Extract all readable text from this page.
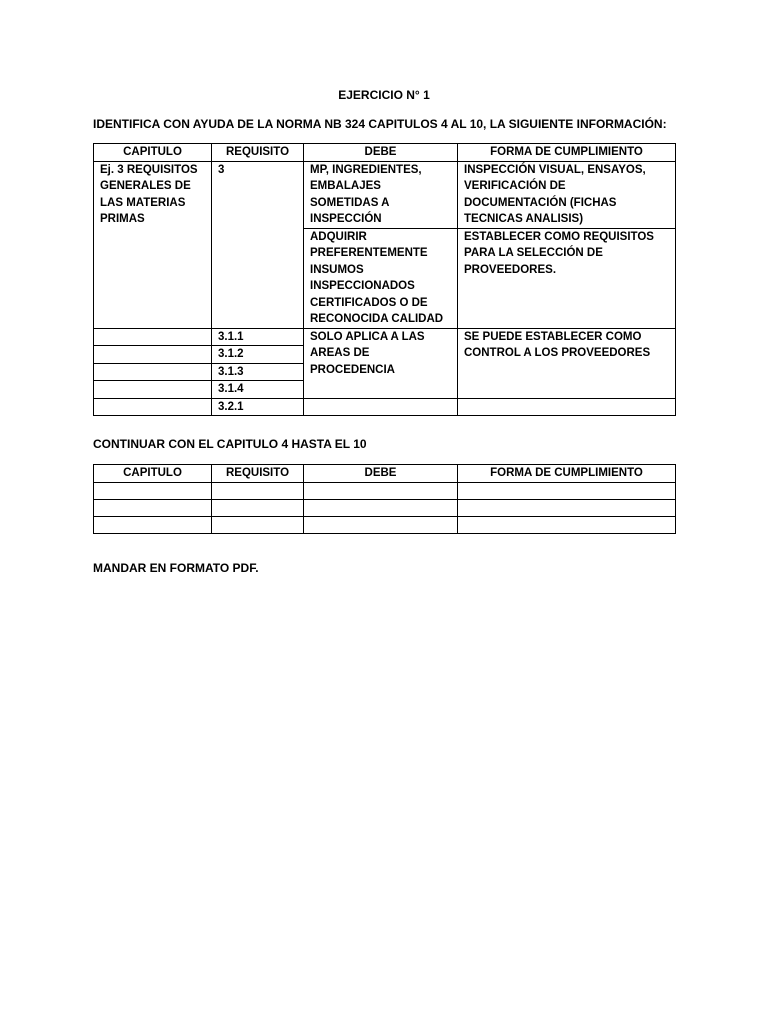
EJERCICIO N° 1
IDENTIFICA CON AYUDA DE LA NORMA NB 324 CAPITULOS 4 AL 10, LA SIGUIENTE INFORMACIÓN:
CAPITULO	REQUISITO	DEBE	FORMA DE CUMPLIMIENTO
Ej. 3 REQUISITOS GENERALES DE LAS MATERIAS PRIMAS	3	MP, INGREDIENTES, EMBALAJES SOMETIDAS A INSPECCIÓN	INSPECCIÓN VISUAL, ENSAYOS, VERIFICACIÓN DE DOCUMENTACIÓN (FICHAS TECNICAS ANALISIS)
		ADQUIRIR PREFERENTEMENTE INSUMOS INSPECCIONADOS CERTIFICADOS O DE RECONOCIDA CALIDAD	ESTABLECER COMO REQUISITOS PARA LA SELECCIÓN DE PROVEEDORES.
	3.1.1	SOLO APLICA A LAS AREAS DE PROCEDENCIA	SE PUEDE ESTABLECER COMO CONTROL A LOS PROVEEDORES
	3.1.2		
	3.1.3		
	3.1.4		
	3.2.1		
CONTINUAR CON EL CAPITULO 4 HASTA EL 10
CAPITULO	REQUISITO	DEBE	FORMA DE CUMPLIMIENTO

MANDAR EN FORMATO PDF.
